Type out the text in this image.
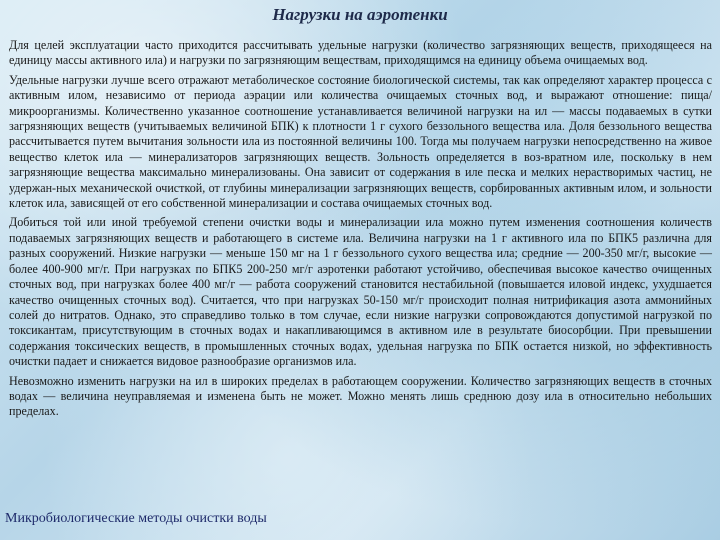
Нагрузки на аэротенки

Для целей эксплуатации часто приходится рассчитывать удельные нагрузки (количество загрязняющих веществ, приходящееся на единицу массы активного ила) и нагрузки по загрязняющим веществам, приходящимся на единицу объема очищаемых вод.

Удельные нагрузки лучше всего отражают метаболическое состояние биологической системы, так как определяют характер процесса с активным илом, независимо от периода аэрации или количества очищаемых сточных вод, и выражают отношение: пища/микроорганизмы. Количественно указанное соотношение устанавливается величиной нагрузки на ил — массы подаваемых в сутки загрязняющих веществ (учитываемых величиной БПК) к плотности 1 г сухого беззольного вещества ила. Доля беззольного вещества рассчитывается путем вычитания зольности ила из постоянной величины 100. Тогда мы получаем нагрузки непосредственно на живое вещество клеток ила — минерализаторов загрязняющих веществ. Зольность определяется в воз-вратном иле, поскольку в нем загрязняющие вещества максимально минерализованы. Она зависит от содержания в иле песка и мелких нерастворимых частиц, не удержан-ных механической очисткой, от глубины минерализации загрязняющих веществ, сорбированных активным илом, и зольности клеток ила, зависящей от его собственной минерализации и состава очищаемых сточных вод.

Добиться той или иной требуемой степени очистки воды и минерализации ила можно путем изменения соотношения количеств подаваемых загрязняющих веществ и работающего в системе ила. Величина нагрузки на 1 г активного ила по БПК5 различна для разных сооружений. Низкие нагрузки — меньше 150 мг на 1 г беззольного сухого вещества ила; средние — 200-350 мг/г, высокие — более 400-900 мг/г. При нагрузках по БПК5 200-250 мг/г аэротенки работают устойчиво, обеспечивая высокое качество очищенных сточных вод, при нагрузках более 400 мг/г — работа сооружений становится нестабильной (повышается иловой индекс, ухудшается качество очищенных сточных вод). Считается, что при нагрузках 50-150 мг/г происходит полная нитрификация азота аммонийных солей до нитратов. Однако, это справедливо только в том случае, если низкие нагрузки сопровождаются допустимой нагрузкой по токсикантам, присутствующим в сточных водах и накапливающимся в активном иле в результате биосорбции. При превышении содержания токсических веществ, в промышленных сточных водах, удельная нагрузка по БПК остается низкой, но эффективность очистки падает и снижается видовое разнообразие организмов ила.

Невозможно изменить нагрузки на ил в широких пределах в работающем сооружении. Количество загрязняющих веществ в сточных водах — величина неуправляемая и изменена быть не может. Можно менять лишь среднюю дозу ила в относительно небольших пределах.

Микробиологические методы очистки воды
